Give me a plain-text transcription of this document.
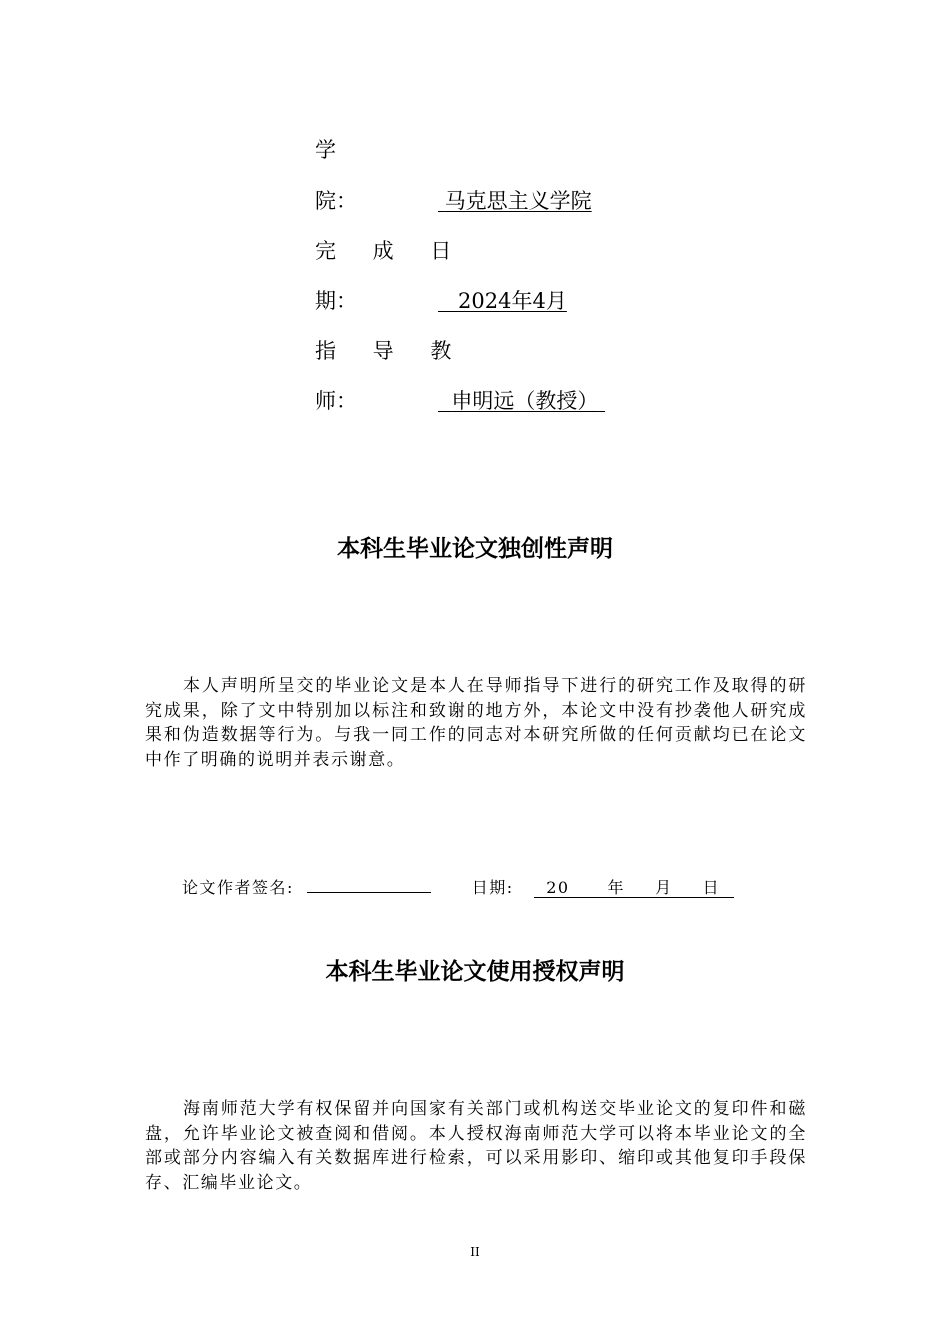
学
院：	马克思主义学院
完 成 日
期：	2024年4月
指 导 教
师：	申明远（教授）
本科生毕业论文独创性声明
本人声明所呈交的毕业论文是本人在导师指导下进行的研究工作及取得的研究成果，除了文中特别加以标注和致谢的地方外，本论文中没有抄袭他人研究成果和伪造数据等行为。与我一同工作的同志对本研究所做的任何贡献均已在论文中作了明确的说明并表示谢意。
论文作者签名:	日期: 20 年 月 日
本科生毕业论文使用授权声明
海南师范大学有权保留并向国家有关部门或机构送交毕业论文的复印件和磁盘，允许毕业论文被查阅和借阅。本人授权海南师范大学可以将本毕业论文的全部或部分内容编入有关数据库进行检索，可以采用影印、缩印或其他复印手段保存、汇编毕业论文。
II
